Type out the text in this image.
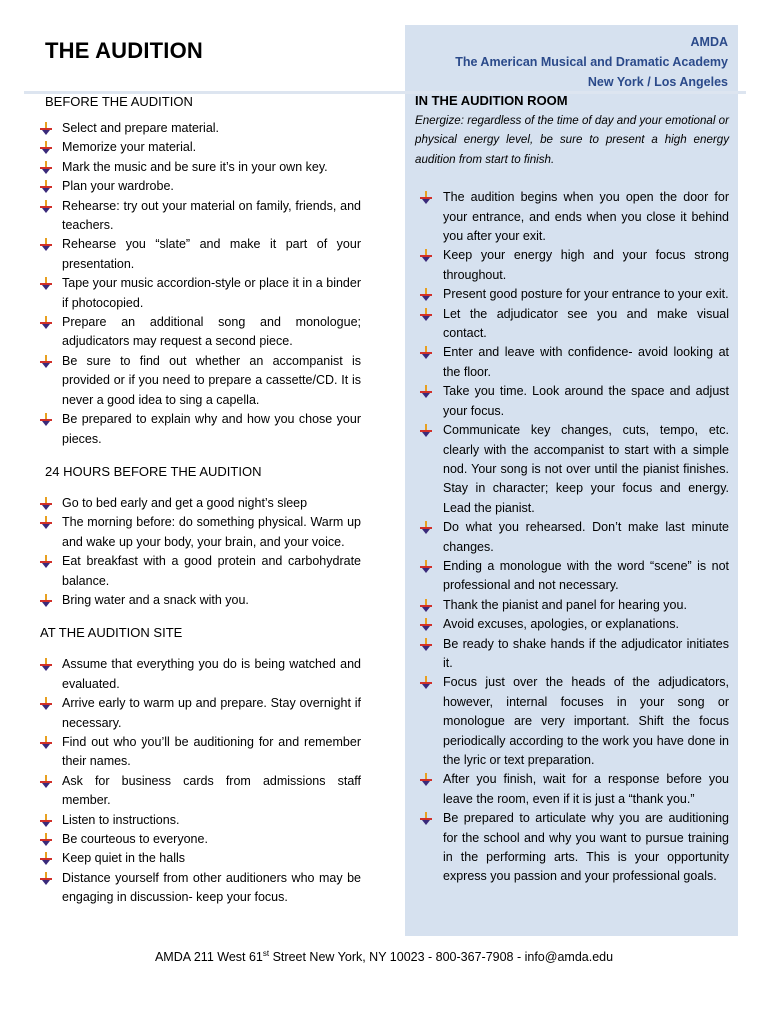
THE AUDITION	AMDA
The American Musical and Dramatic Academy
New York / Los Angeles
BEFORE THE AUDITION
Select and prepare material.
Memorize your material.
Mark the music and be sure it’s in your own key.
Plan your wardrobe.
Rehearse: try out your material on family, friends, and teachers.
Rehearse you “slate” and make it part of your presentation.
Tape your music accordion-style or place it in a binder if photocopied.
Prepare an additional song and monologue; adjudicators may request a second piece.
Be sure to find out whether an accompanist is provided or if you need to prepare a cassette/CD. It is never a good idea to sing a capella.
Be prepared to explain why and how you chose your pieces.
24 HOURS BEFORE THE AUDITION
Go to bed early and get a good night’s sleep
The morning before: do something physical. Warm up and wake up your body, your brain, and your voice.
Eat breakfast with a good protein and carbohydrate balance.
Bring water and a snack with you.
AT THE AUDITION SITE
Assume that everything you do is being watched and evaluated.
Arrive early to warm up and prepare. Stay overnight if necessary.
Find out who you’ll be auditioning for and remember their names.
Ask for business cards from admissions staff member.
Listen to instructions.
Be courteous to everyone.
Keep quiet in the halls
Distance yourself from other auditioners who may be engaging in discussion- keep your focus.
IN THE AUDITION ROOM

Energize: regardless of the time of day and your emotional or physical energy level, be sure to present a high energy audition from start to finish.

The audition begins when you open the door for your entrance, and ends when you close it behind you after your exit.
Keep your energy high and your focus strong throughout.
Present good posture for your entrance to your exit.
Let the adjudicator see you and make visual contact.
Enter and leave with confidence- avoid looking at the floor.
Take you time. Look around the space and adjust your focus.
Communicate key changes, cuts, tempo, etc. clearly with the accompanist to start with a simple nod. Your song is not over until the pianist finishes. Stay in character; keep your focus and energy. Lead the pianist.
Do what you rehearsed. Don’t make last minute changes.
Ending a monologue with the word “scene” is not professional and not necessary.
Thank the pianist and panel for hearing you.
Avoid excuses, apologies, or explanations.
Be ready to shake hands if the adjudicator initiates it.
Focus just over the heads of the adjudicators, however, internal focuses in your song or monologue are very important. Shift the focus periodically according to the work you have done in the lyric or text preparation.
After you finish, wait for a response before you leave the room, even if it is just a “thank you.”
Be prepared to articulate why you are auditioning for the school and why you want to pursue training in the performing arts. This is your opportunity express you passion and your professional goals.
AMDA 211 West 61st Street New York, NY 10023 - 800-367-7908 - info@amda.edu
